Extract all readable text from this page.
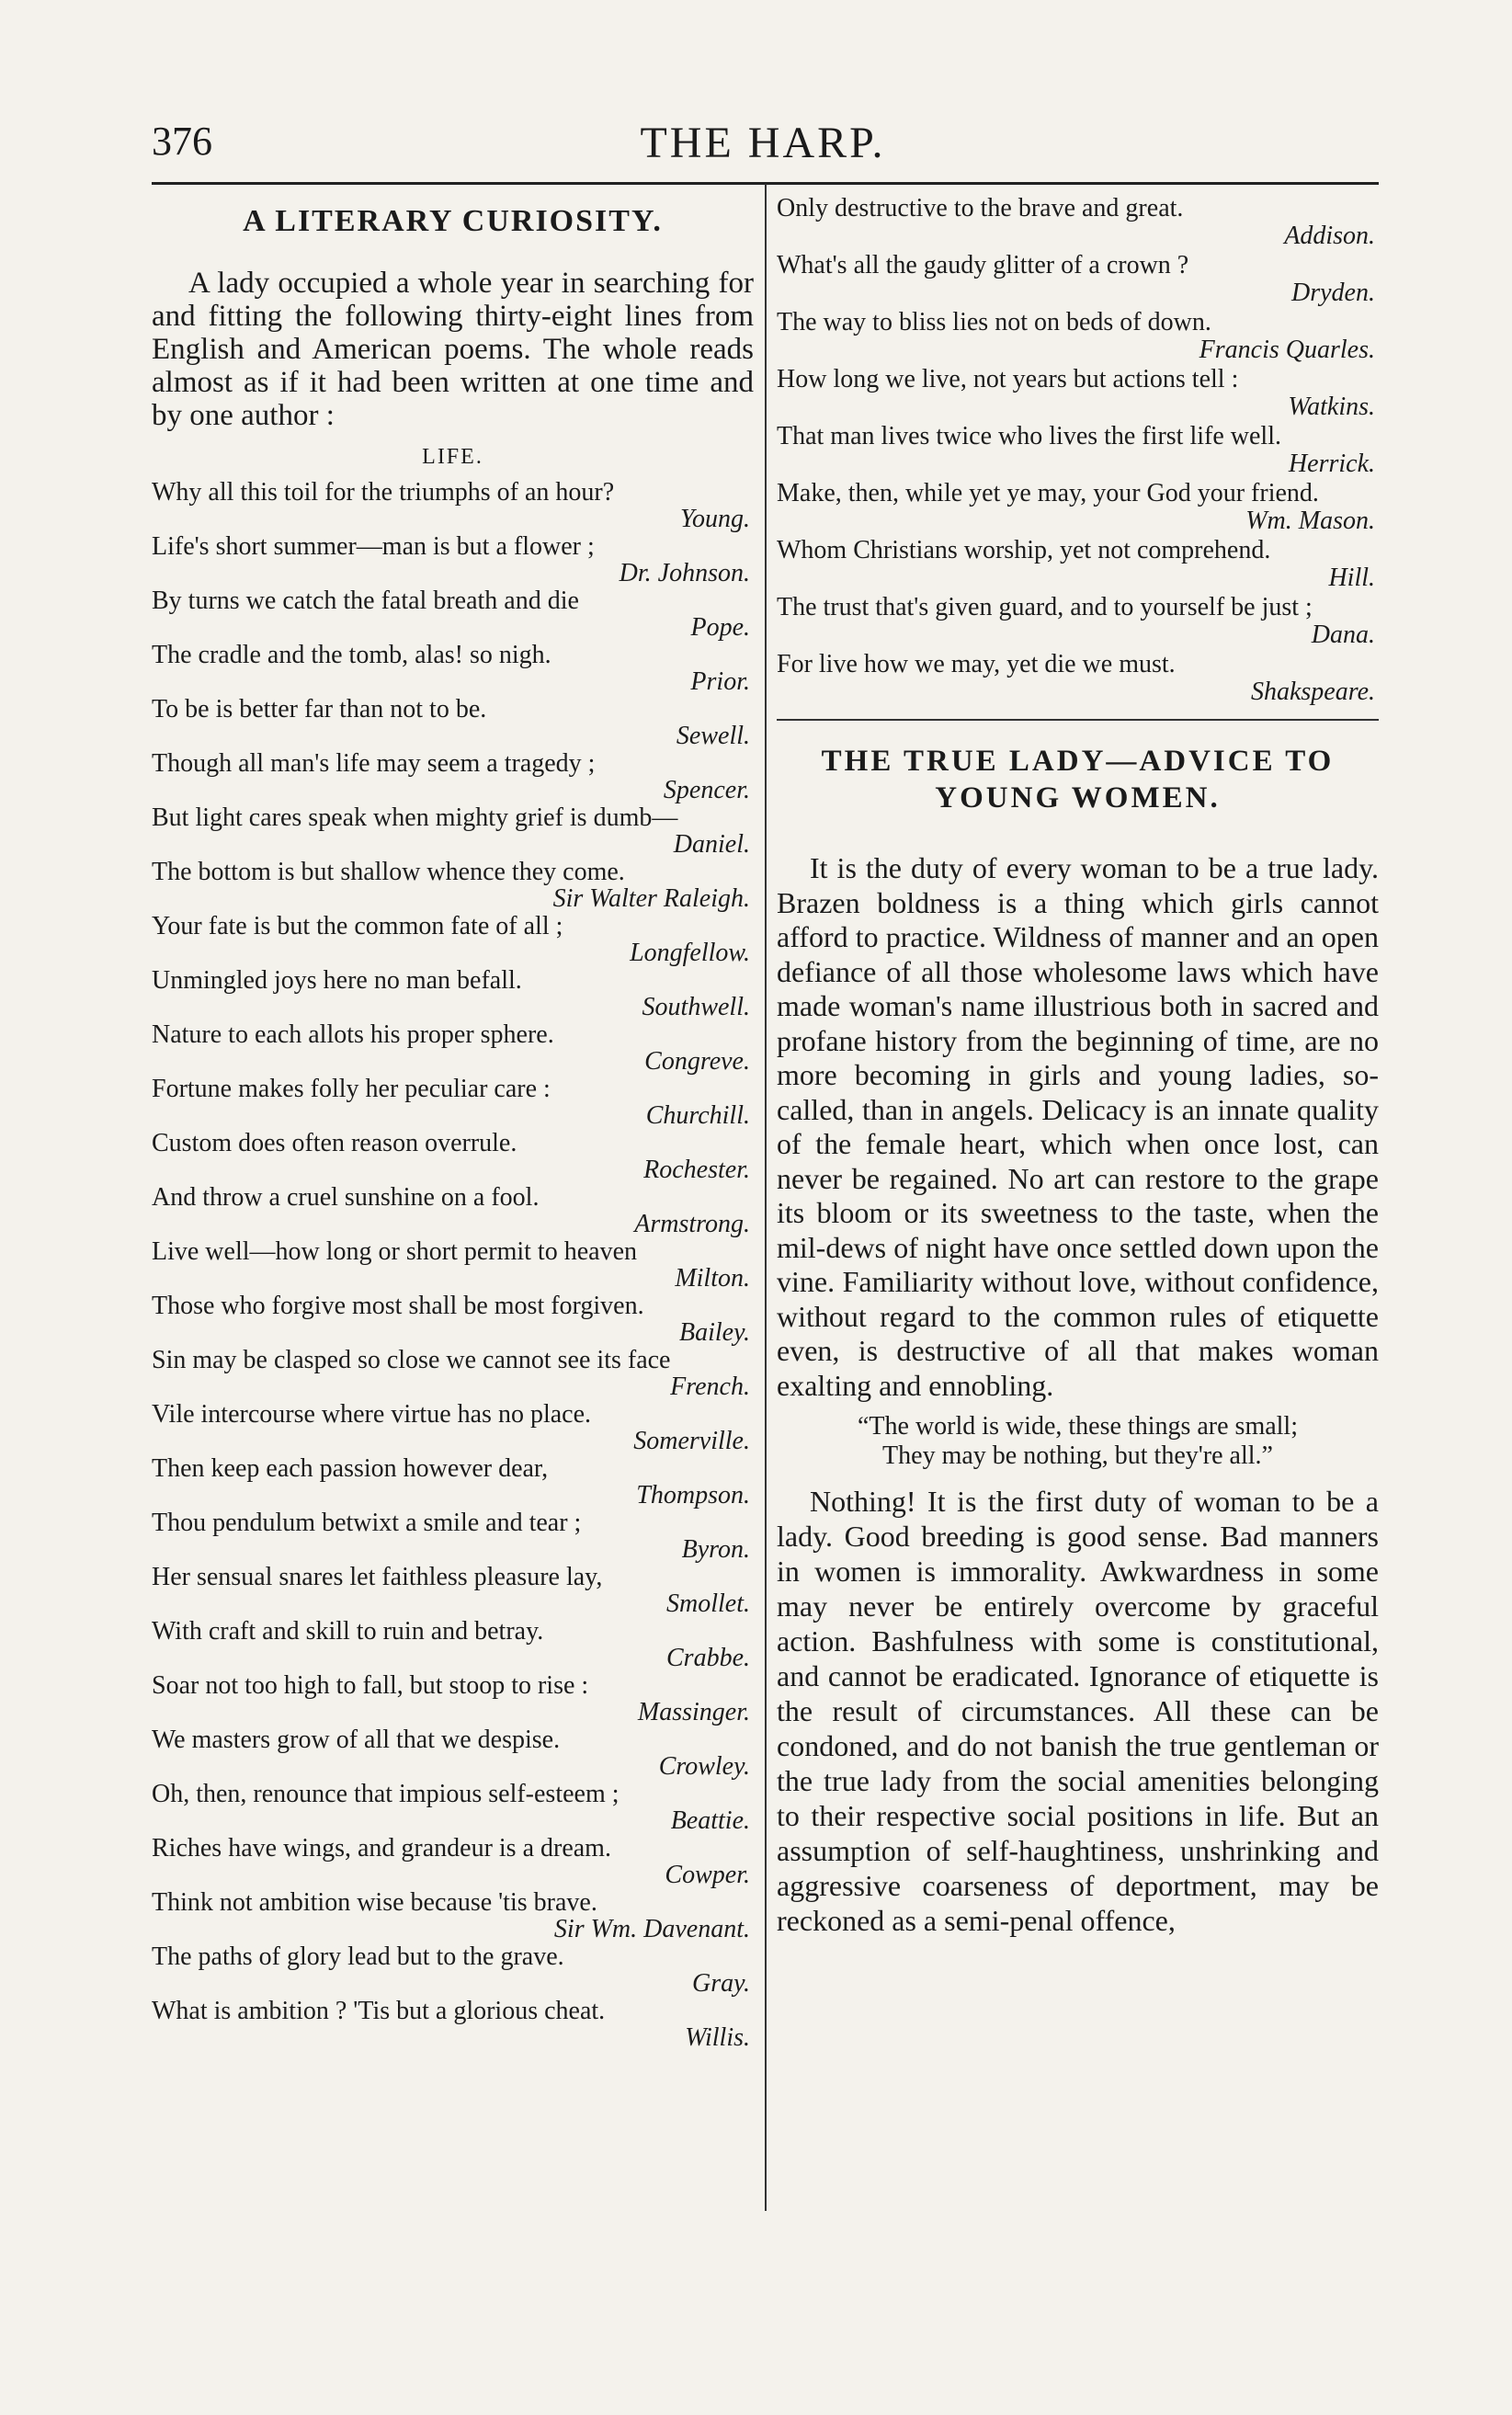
376	THE HARP.
A LITERARY CURIOSITY.

A lady occupied a whole year in searching for and fitting the following thirty-eight lines from English and American poems. The whole reads almost as if it had been written at one time and by one author :

LIFE.
Why all this toil for the triumphs of an hour?
Young.
Life's short summer—man is but a flower ;
Dr. Johnson.
By turns we catch the fatal breath and die
Pope.
The cradle and the tomb, alas! so nigh.
Prior.
To be is better far than not to be.
Sewell.
Though all man's life may seem a tragedy ;
Spencer.
But light cares speak when mighty grief is dumb—
Daniel.
The bottom is but shallow whence they come.
Sir Walter Raleigh.
Your fate is but the common fate of all ;
Longfellow.
Unmingled joys here no man befall.
Southwell.
Nature to each allots his proper sphere.
Congreve.
Fortune makes folly her peculiar care :
Churchill.
Custom does often reason overrule.
Rochester.
And throw a cruel sunshine on a fool.
Armstrong.
Live well—how long or short permit to heaven
Milton.
Those who forgive most shall be most forgiven.
Bailey.
Sin may be clasped so close we cannot see its face
French.
Vile intercourse where virtue has no place.
Somerville.
Then keep each passion however dear,
Thompson.
Thou pendulum betwixt a smile and tear ;
Byron.
Her sensual snares let faithless pleasure lay,
Smollet.
With craft and skill to ruin and betray.
Crabbe.
Soar not too high to fall, but stoop to rise :
Massinger.
We masters grow of all that we despise.
Crowley.
Oh, then, renounce that impious self-esteem ;
Beattie.
Riches have wings, and grandeur is a dream.
Cowper.
Think not ambition wise because 'tis brave.
Sir Wm. Davenant.
The paths of glory lead but to the grave.
Gray.
What is ambition ? 'Tis but a glorious cheat.
Willis.
Only destructive to the brave and great.
Addison.
What's all the gaudy glitter of a crown ?
Dryden.
The way to bliss lies not on beds of down.
Francis Quarles.
How long we live, not years but actions tell :
Watkins.
That man lives twice who lives the first life well.
Herrick.
Make, then, while yet ye may, your God your friend.
Wm. Mason.
Whom Christians worship, yet not comprehend.
Hill.
The trust that's given guard, and to yourself be just ;
Dana.
For live how we may, yet die we must.
Shakspeare.
THE TRUE LADY—ADVICE TO YOUNG WOMEN.

It is the duty of every woman to be a true lady. Brazen boldness is a thing which girls cannot afford to practice. Wildness of manner and an open defiance of all those wholesome laws which have made woman's name illustrious both in sacred and profane history from the beginning of time, are no more becoming in girls and young ladies, so-called, than in angels. Delicacy is an innate quality of the female heart, which when once lost, can never be regained. No art can restore to the grape its bloom or its sweetness to the taste, when the mil-dews of night have once settled down upon the vine. Familiarity without love, without confidence, without regard to the common rules of etiquette even, is destructive of all that makes woman exalting and ennobling.

“The world is wide, these things are small;
They may be nothing, but they're all.”

Nothing! It is the first duty of woman to be a lady. Good breeding is good sense. Bad manners in women is immorality. Awkwardness in some may never be entirely overcome by graceful action. Bashfulness with some is constitutional, and cannot be eradicated. Ignorance of etiquette is the result of circumstances. All these can be condoned, and do not banish the true gentleman or the true lady from the social amenities belonging to their respective social positions in life. But an assumption of self-haughtiness, unshrinking and aggressive coarseness of deportment, may be reckoned as a semi-penal offence,
